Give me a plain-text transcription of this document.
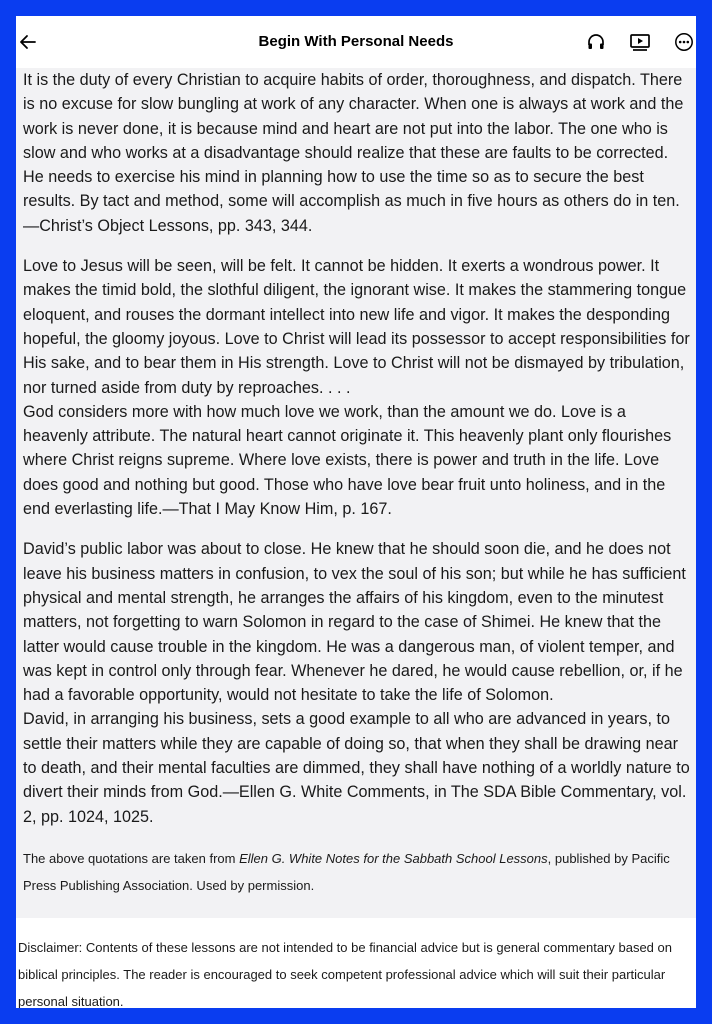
Begin With Personal Needs

It is the duty of every Christian to acquire habits of order, thoroughness, and dispatch. There is no excuse for slow bungling at work of any character. When one is always at work and the work is never done, it is because mind and heart are not put into the labor. The one who is slow and who works at a disadvantage should realize that these are faults to be corrected. He needs to exercise his mind in planning how to use the time so as to secure the best results. By tact and method, some will accomplish as much in five hours as others do in ten. —Christ’s Object Lessons, pp. 343, 344.

Love to Jesus will be seen, will be felt. It cannot be hidden. It exerts a wondrous power. It makes the timid bold, the slothful diligent, the ignorant wise. It makes the stammering tongue eloquent, and rouses the dormant intellect into new life and vigor. It makes the desponding hopeful, the gloomy joyous. Love to Christ will lead its possessor to accept responsibilities for His sake, and to bear them in His strength. Love to Christ will not be dismayed by tribulation, nor turned aside from duty by reproaches. . . .

God considers more with how much love we work, than the amount we do. Love is a heavenly attribute. The natural heart cannot originate it. This heavenly plant only flourishes where Christ reigns supreme. Where love exists, there is power and truth in the life. Love does good and nothing but good. Those who have love bear fruit unto holiness, and in the end everlasting life.—That I May Know Him, p. 167.

David’s public labor was about to close. He knew that he should soon die, and he does not leave his business matters in confusion, to vex the soul of his son; but while he has sufficient physical and mental strength, he arranges the affairs of his kingdom, even to the minutest matters, not forgetting to warn Solomon in regard to the case of Shimei. He knew that the latter would cause trouble in the kingdom. He was a dangerous man, of violent temper, and was kept in control only through fear. Whenever he dared, he would cause rebellion, or, if he had a favorable opportunity, would not hesitate to take the life of Solomon.

David, in arranging his business, sets a good example to all who are advanced in years, to settle their matters while they are capable of doing so, that when they shall be drawing near to death, and their mental faculties are dimmed, they shall have nothing of a worldly nature to divert their minds from God.—Ellen G. White Comments, in The SDA Bible Commentary, vol. 2, pp. 1024, 1025.

The above quotations are taken from Ellen G. White Notes for the Sabbath School Lessons, published by Pacific Press Publishing Association. Used by permission.

Disclaimer: Contents of these lessons are not intended to be financial advice but is general commentary based on biblical principles. The reader is encouraged to seek competent professional advice which will suit their particular personal situation.
